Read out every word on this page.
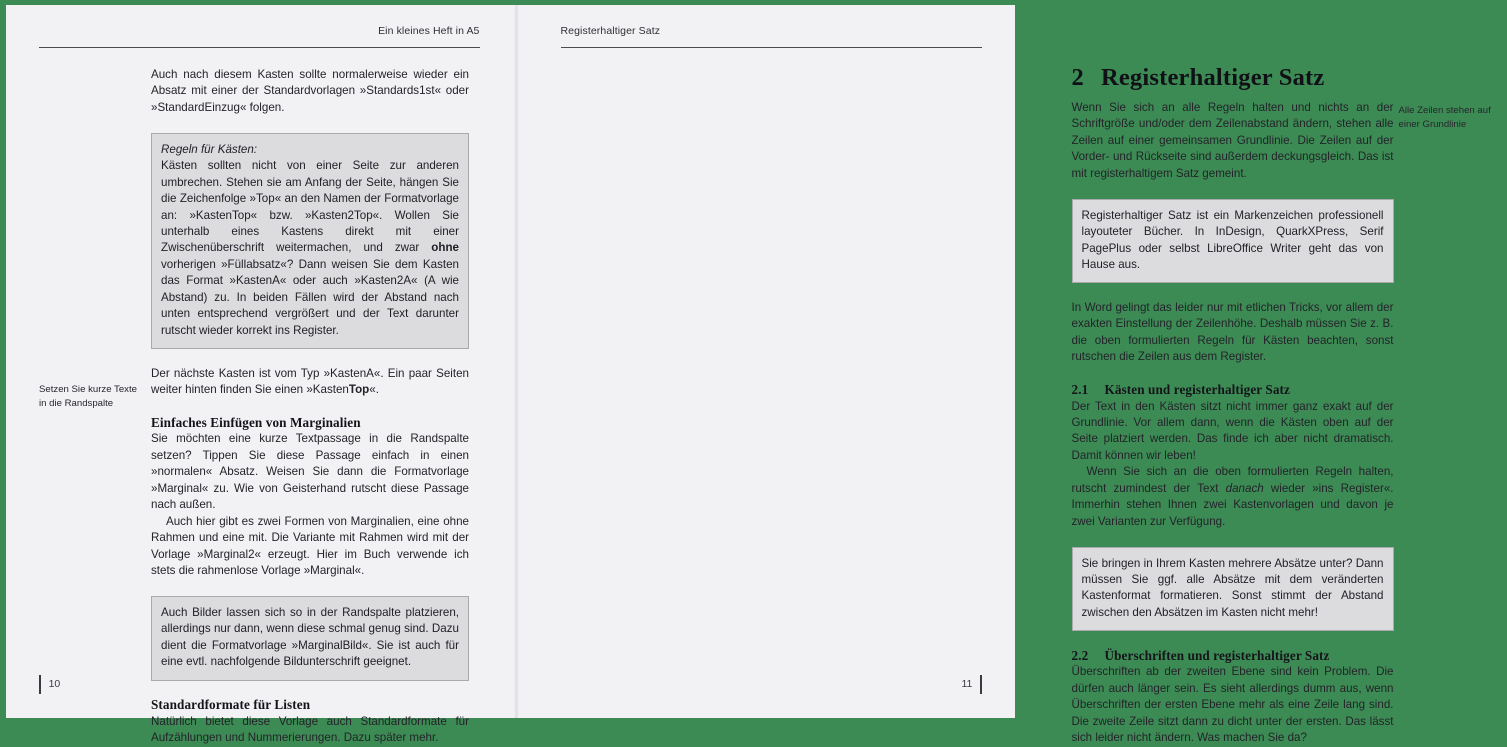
Ein kleines Heft in A5
Setzen Sie kurze Texte in die Randspalte

Auch nach diesem Kasten sollte normalerweise wieder ein Absatz mit einer der Standardvorlagen »Standards1st« oder »StandardEinzug« folgen.

Regeln für Kästen:
Kästen sollten nicht von einer Seite zur anderen umbrechen. Stehen sie am Anfang der Seite, hängen Sie die Zeichenfolge »Top« an den Namen der Formatvorlage an: »KastenTop« bzw. »Kasten2Top«. Wollen Sie unterhalb eines Kastens direkt mit einer Zwischenüberschrift weitermachen, und zwar ohne vorherigen »Füllabsatz«? Dann weisen Sie dem Kasten das Format »KastenA« oder auch »Kasten2A« (A wie Abstand) zu. In beiden Fällen wird der Abstand nach unten entsprechend vergrößert und der Text darunter rutscht wieder korrekt ins Register.

Der nächste Kasten ist vom Typ »KastenA«. Ein paar Seiten weiter hinten finden Sie einen »KastenTop«.

Einfaches Einfügen von Marginalien

Sie möchten eine kurze Textpassage in die Randspalte setzen? Tippen Sie diese Passage einfach in einen »normalen« Absatz. Weisen Sie dann die Formatvorlage »Marginal« zu. Wie von Geisterhand rutscht diese Passage nach außen.

Auch hier gibt es zwei Formen von Marginalien, eine ohne Rahmen und eine mit. Die Variante mit Rahmen wird mit der Vorlage »Marginal2« erzeugt. Hier im Buch verwende ich stets die rahmenlose Vorlage »Marginal«.

Auch Bilder lassen sich so in der Randspalte platzieren, allerdings nur dann, wenn diese schmal genug sind. Dazu dient die Formatvorlage »MarginalBild«. Sie ist auch für eine evtl. nachfolgende Bildunterschrift geeignet.

Standardformate für Listen

Natürlich bietet diese Vorlage auch Standardformate für Aufzählungen und Nummerierungen. Dazu später mehr.

10
Registerhaltiger Satz
2 Registerhaltiger Satz
Alle Zeilen stehen auf einer Grundlinie

Wenn Sie sich an alle Regeln halten und nichts an der Schriftgröße und/oder dem Zeilenabstand ändern, stehen alle Zeilen auf einer gemeinsamen Grundlinie. Die Zeilen auf der Vorder- und Rückseite sind außerdem deckungsgleich. Das ist mit registerhaltigem Satz gemeint.

Registerhaltiger Satz ist ein Markenzeichen professionell layouteter Bücher. In InDesign, QuarkXPress, Serif PagePlus oder selbst LibreOffice Writer geht das von Hause aus.

In Word gelingt das leider nur mit etlichen Tricks, vor allem der exakten Einstellung der Zeilenhöhe. Deshalb müssen Sie z. B. die oben formulierten Regeln für Kästen beachten, sonst rutschen die Zeilen aus dem Register.

2.1 Kästen und registerhaltiger Satz

Der Text in den Kästen sitzt nicht immer ganz exakt auf der Grundlinie. Vor allem dann, wenn die Kästen oben auf der Seite platziert werden. Das finde ich aber nicht dramatisch. Damit können wir leben!

Wenn Sie sich an die oben formulierten Regeln halten, rutscht zumindest der Text danach wieder »ins Register«. Immerhin stehen Ihnen zwei Kastenvorlagen und davon je zwei Varianten zur Verfügung.

Sie bringen in Ihrem Kasten mehrere Absätze unter? Dann müssen Sie ggf. alle Absätze mit dem veränderten Kastenformat formatieren. Sonst stimmt der Abstand zwischen den Absätzen im Kasten nicht mehr!

2.2 Überschriften und registerhaltiger Satz

Überschriften ab der zweiten Ebene sind kein Problem. Die dürfen auch länger sein. Es sieht allerdings dumm aus, wenn Überschriften der ersten Ebene mehr als eine Zeile lang sind. Die zweite Zeile sitzt dann zu dicht unter der ersten. Das lässt sich leider nicht ändern. Was machen Sie da?

11
